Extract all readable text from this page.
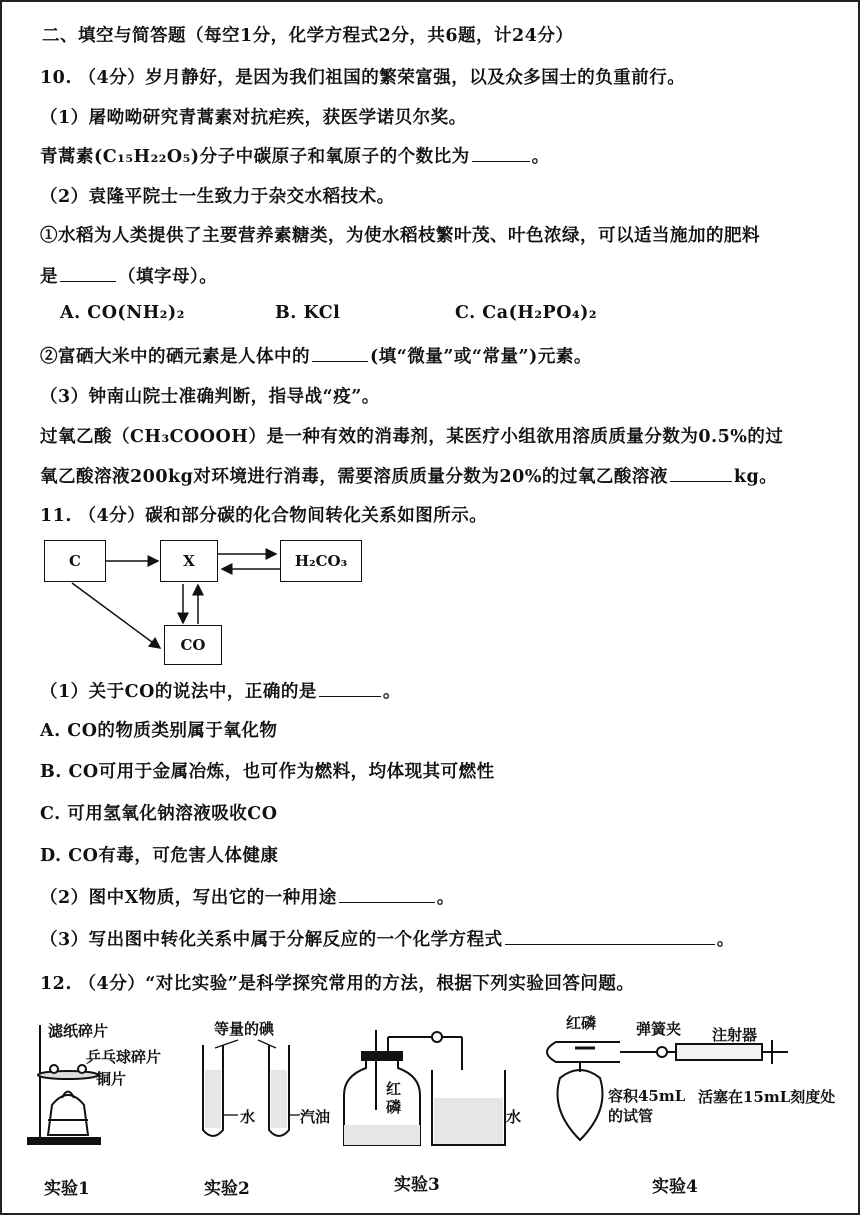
二、填空与简答题（每空1分，化学方程式2分，共6题，计24分）
10. （4分）岁月静好，是因为我们祖国的繁荣富强，以及众多国士的负重前行。
（1）屠呦呦研究青蒿素对抗疟疾，获医学诺贝尔奖。
青蒿素(C₁₅H₂₂O₅)分子中碳原子和氧原子的个数比为	。
（2）袁隆平院士一生致力于杂交水稻技术。
①水稻为人类提供了主要营养素糖类，为使水稻枝繁叶茂、叶色浓绿，可以适当施加的肥料
是	（填字母）。
A. CO(NH₂)₂	B. KCl	C. Ca(H₂PO₄)₂
②富硒大米中的硒元素是人体中的	(填“微量”或“常量”)元素。
（3）钟南山院士准确判断，指导战“疫”。
过氧乙酸（CH₃COOOH）是一种有效的消毒剂，某医疗小组欲用溶质质量分数为0.5%的过
氧乙酸溶液200kg对环境进行消毒，需要溶质质量分数为20%的过氧乙酸溶液	kg。
11. （4分）碳和部分碳的化合物间转化关系如图所示。
C	X	H₂CO₃
CO
（1）关于CO的说法中，正确的是	。
A. CO的物质类别属于氧化物
B. CO可用于金属冶炼，也可作为燃料，均体现其可燃性
C. 可用氢氧化钠溶液吸收CO
D. CO有毒，可危害人体健康
（2）图中X物质，写出它的一种用途	。
（3）写出图中转化关系中属于分解反应的一个化学方程式	。
12. （4分）“对比实验”是科学探究常用的方法，根据下列实验回答问题。
滤纸碎片
乒乓球碎片
铜片
等量的碘
水	汽油
红磷
水
红磷	弹簧夹 注射器
容积45mL的试管
活塞在15mL刻度处
实验1	实验2	实验3	实验4
